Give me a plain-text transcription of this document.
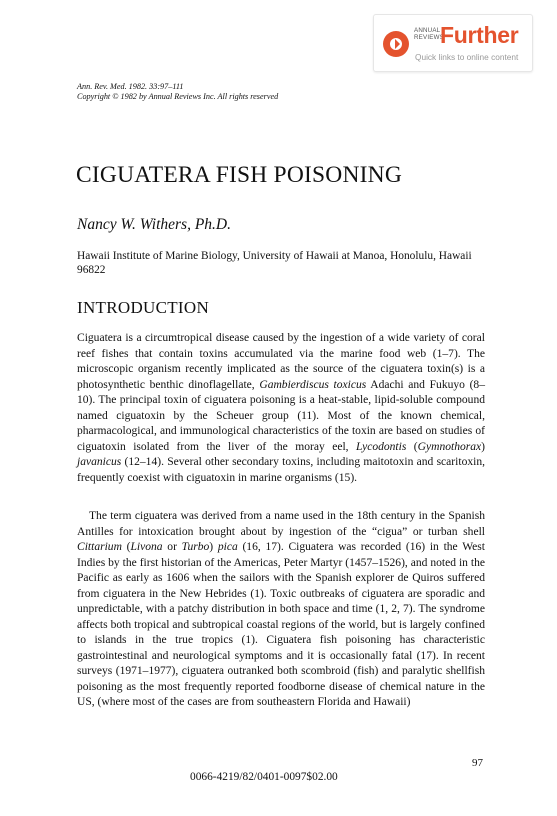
ANNUAL REVIEWS
Further
Quick links to online content
Ann. Rev. Med. 1982. 33:97–111
Copyright © 1982 by Annual Reviews Inc. All rights reserved
CIGUATERA FISH POISONING
Nancy W. Withers, Ph.D.
Hawaii Institute of Marine Biology, University of Hawaii at Manoa, Honolulu, Hawaii 96822
INTRODUCTION

Ciguatera is a circumtropical disease caused by the ingestion of a wide variety of coral reef fishes that contain toxins accumulated via the marine food web (1–7). The microscopic organism recently implicated as the source of the ciguatera toxin(s) is a photosynthetic benthic dinoflagellate, Gambierdiscus toxicus Adachi and Fukuyo (8–10). The principal toxin of ciguatera poisoning is a heat-stable, lipid-soluble compound named ciguatoxin by the Scheuer group (11). Most of the known chemical, pharmacological, and immunological characteristics of the toxin are based on studies of ciguatoxin isolated from the liver of the moray eel, Lycodontis (Gymnothorax) javanicus (12–14). Several other secondary toxins, including maitotoxin and scaritoxin, frequently coexist with ciguatoxin in marine organisms (15).

The term ciguatera was derived from a name used in the 18th century in the Spanish Antilles for intoxication brought about by ingestion of the “cigua” or turban shell Cittarium (Livona or Turbo) pica (16, 17). Ciguatera was recorded (16) in the West Indies by the first historian of the Americas, Peter Martyr (1457–1526), and noted in the Pacific as early as 1606 when the sailors with the Spanish explorer de Quiros suffered from ciguatera in the New Hebrides (1). Toxic outbreaks of ciguatera are sporadic and unpredictable, with a patchy distribution in both space and time (1, 2, 7). The syndrome affects both tropical and subtropical coastal regions of the world, but is largely confined to islands in the true tropics (1). Ciguatera fish poisoning has characteristic gastrointestinal and neurological symptoms and it is occasionally fatal (17). In recent surveys (1971–1977), ciguatera outranked both scombroid (fish) and paralytic shellfish poisoning as the most frequently reported foodborne disease of chemical nature in the US, (where most of the cases are from southeastern Florida and Hawaii)

97
0066-4219/82/0401-0097$02.00
